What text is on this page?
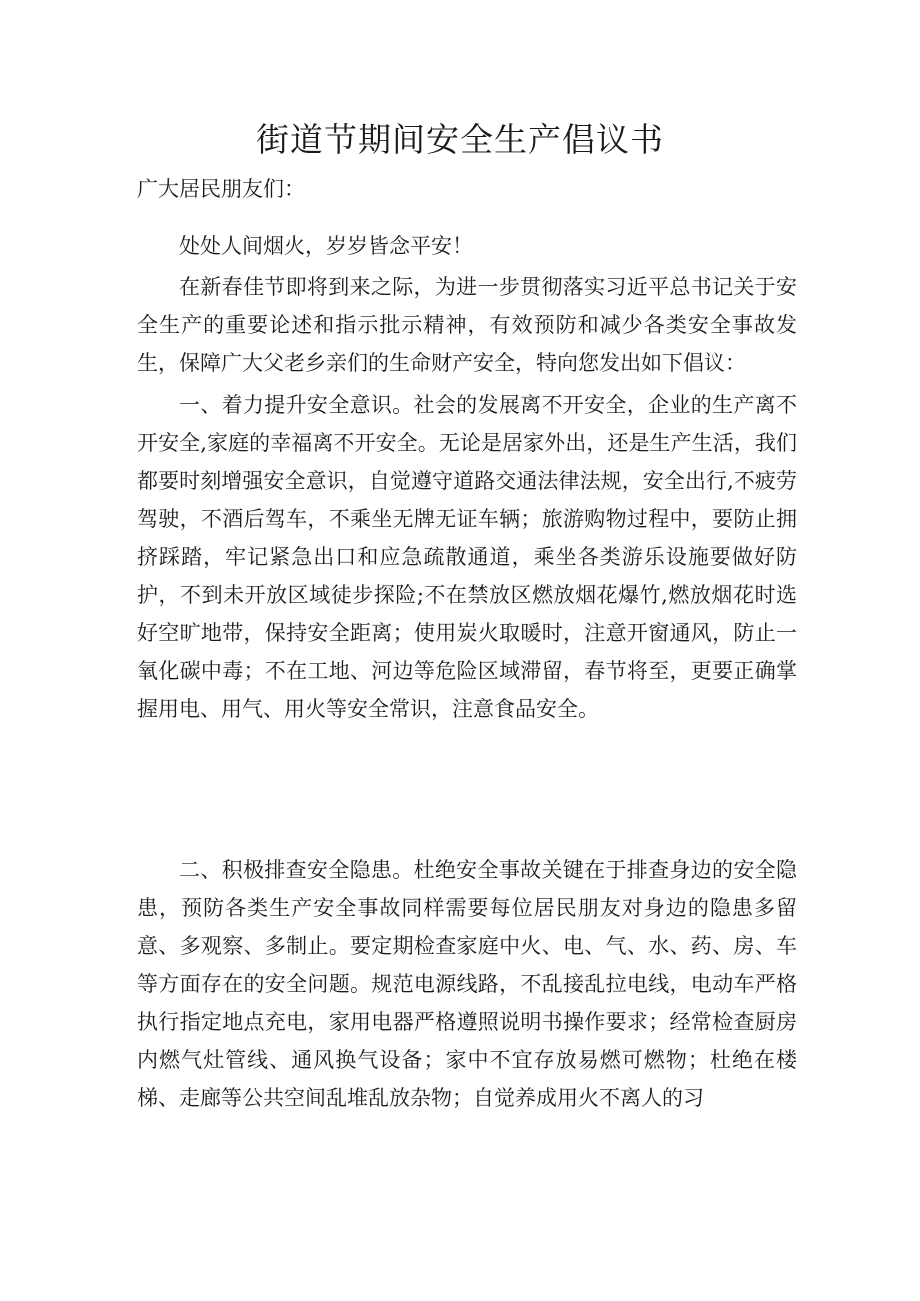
街道节期间安全生产倡议书

广大居民朋友们：

处处人间烟火，岁岁皆念平安！

在新春佳节即将到来之际，为进一步贯彻落实习近平总书记关于安全生产的重要论述和指示批示精神，有效预防和减少各类安全事故发生，保障广大父老乡亲们的生命财产安全，特向您发出如下倡议：

一、着力提升安全意识。社会的发展离不开安全，企业的生产离不开安全,家庭的幸福离不开安全。无论是居家外出，还是生产生活，我们都要时刻增强安全意识，自觉遵守道路交通法律法规，安全出行,不疲劳驾驶，不酒后驾车，不乘坐无牌无证车辆；旅游购物过程中，要防止拥挤踩踏，牢记紧急出口和应急疏散通道，乘坐各类游乐设施要做好防护，不到未开放区域徒步探险;不在禁放区燃放烟花爆竹,燃放烟花时选好空旷地带，保持安全距离；使用炭火取暖时，注意开窗通风，防止一氧化碳中毒；不在工地、河边等危险区域滞留，春节将至，更要正确掌握用电、用气、用火等安全常识，注意食品安全。

二、积极排查安全隐患。杜绝安全事故关键在于排查身边的安全隐患，预防各类生产安全事故同样需要每位居民朋友对身边的隐患多留意、多观察、多制止。要定期检查家庭中火、电、气、水、药、房、车等方面存在的安全问题。规范电源线路，不乱接乱拉电线，电动车严格执行指定地点充电，家用电器严格遵照说明书操作要求；经常检查厨房内燃气灶管线、通风换气设备；家中不宜存放易燃可燃物；杜绝在楼梯、走廊等公共空间乱堆乱放杂物；自觉养成用火不离人的习
